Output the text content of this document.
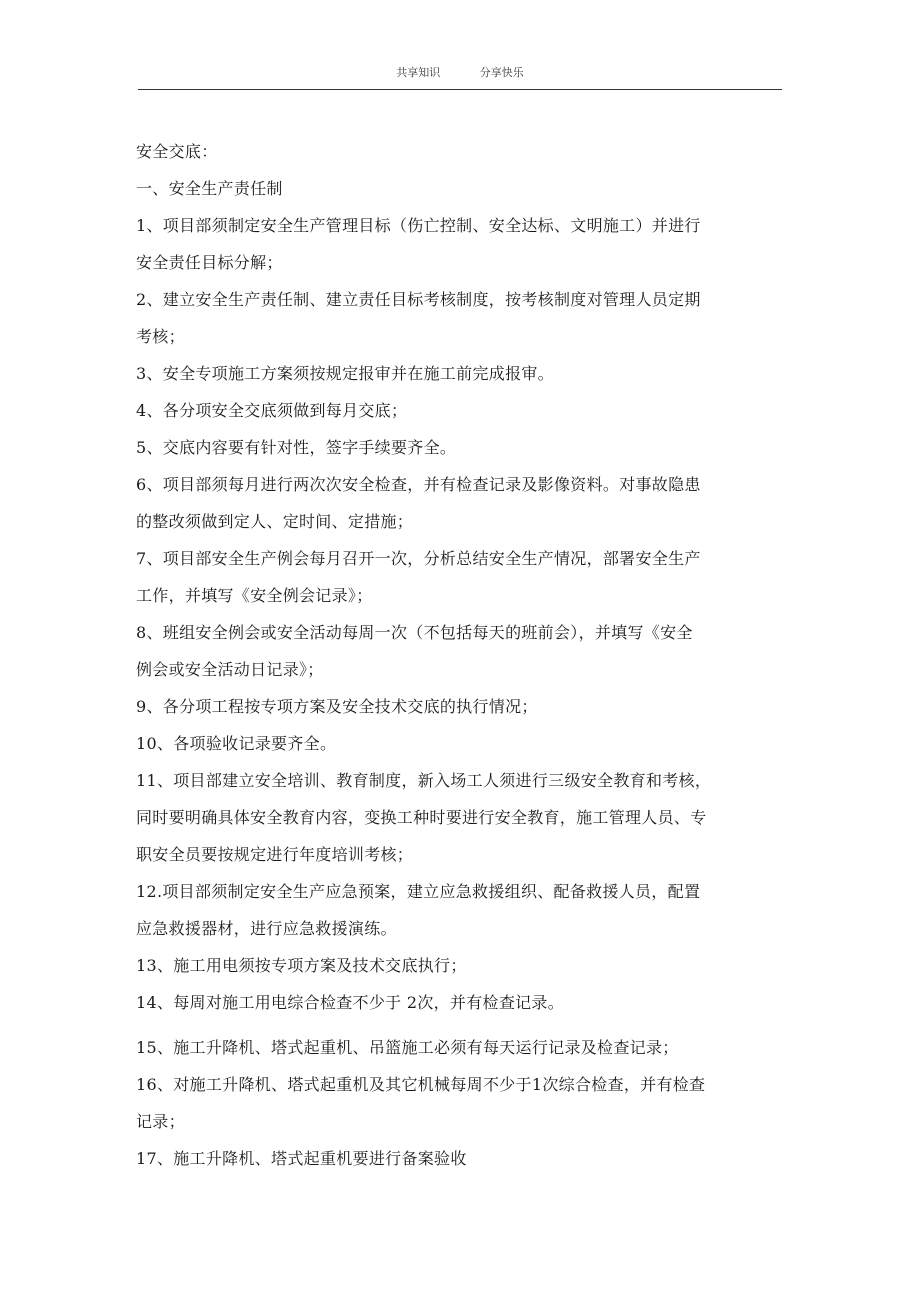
共享知识	分享快乐
安全交底：
一、安全生产责任制
1、项目部须制定安全生产管理目标（伤亡控制、安全达标、文明施工）并进行
安全责任目标分解；
2、建立安全生产责任制、建立责任目标考核制度，按考核制度对管理人员定期
考核；
3、安全专项施工方案须按规定报审并在施工前完成报审。
4、各分项安全交底须做到每月交底；
5、交底内容要有针对性，签字手续要齐全。
6、项目部须每月进行两次次安全检查，并有检查记录及影像资料。对事故隐患
的整改须做到定人、定时间、定措施；
7、项目部安全生产例会每月召开一次，分析总结安全生产情况，部署安全生产
工作，并填写《安全例会记录》；
8、班组安全例会或安全活动每周一次（不包括每天的班前会），并填写《安全
例会或安全活动日记录》；
9、各分项工程按专项方案及安全技术交底的执行情况；
10、各项验收记录要齐全。
11、项目部建立安全培训、教育制度，新入场工人须进行三级安全教育和考核，
同时要明确具体安全教育内容，变换工种时要进行安全教育，施工管理人员、专
职安全员要按规定进行年度培训考核；
12.项目部须制定安全生产应急预案，建立应急救援组织、配备救援人员，配置
应急救援器材，进行应急救援演练。
13、施工用电须按专项方案及技术交底执行；
14、每周对施工用电综合检查不少于 2次，并有检查记录。
15、施工升降机、塔式起重机、吊篮施工必须有每天运行记录及检查记录；
16、对施工升降机、塔式起重机及其它机械每周不少于1次综合检查，并有检查
记录；
17、施工升降机、塔式起重机要进行备案验收
